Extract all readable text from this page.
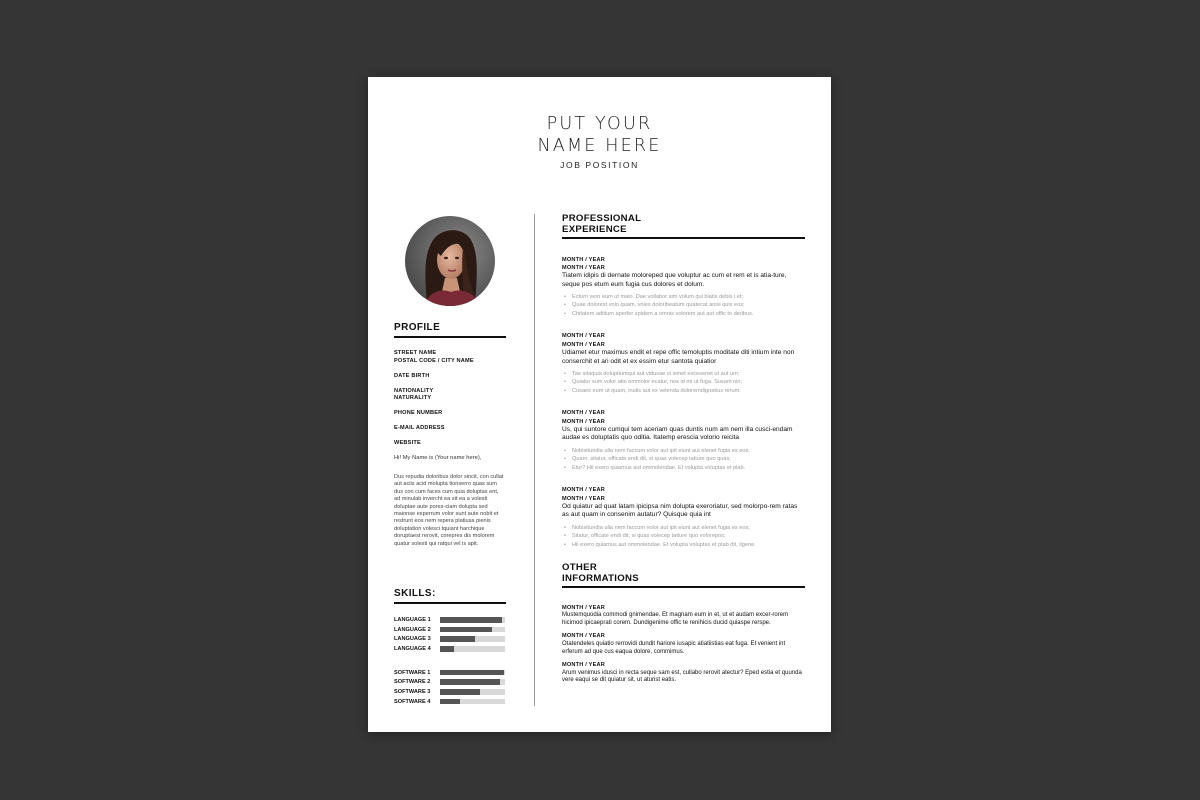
PUT YOUR
NAME HERE
JOB POSITION
PROFILE
STREET NAME
POSTAL CODE / CITY NAME
DATE BIRTH
NATIONALITY
NATURALITY
PHONE NUMBER
E-MAIL ADDRESS
WEBSITE
Hi! My Name is (Your name here),
Dus repudia doloribus dolor sincit, con cullat aut aciis acid molupta tionserro quas sum dus con cum faces cum quia doluptas ent, ad minulab invercht ea sit ea a volesti doluptae aute pores-ciam dolupta sed maionse experrum volor sunt aute nobit et restrunt eos nem repera platiusa pienis doluptation volesci tquiant harchique doruptaest rerovit, corepres dis molorem quatur solesti qui ratqui vel is apit.
SKILLS:
LANGUAGE 1
LANGUAGE 2
LANGUAGE 3
LANGUAGE 4
SOFTWARE 1
SOFTWARE 2
SOFTWARE 3
SOFTWARE 4
PROFESSIONAL
EXPERIENCE
MONTH / YEAR
MONTH / YEAR
Tiatem idipis di dernate moloreped que voluptur ac cum et rem et is atia-ture, seque pos etum eum fugia cus dolores et dolum.
• Ectum vero eum ut maio. Dae vollabor sim volum qui blatis debis i et;
• Quae dolorest volo quam, voles doloribeatum quatecat anisi quis eos;
• Chitatem aditium aperfer spidem a omnis volorem aut aut offic to deribus.
MONTH / YEAR
MONTH / YEAR
Udiamet etur maximus endit et repe offic temoluptis moditate diti intium inte non conserchit et ari odit et ex essim etur santota quiatior
• Tae sitaquia doluptiumqui aut vidusae si simet excesenet ut aut um;
• Quiatur sum volor atio ommolor ecatur, nos id mi ut fuga. Susam nin;
• Cusaes eum ut quam, inulis aut ex velenda doloremdignatius rerum.
MONTH / YEAR
MONTH / YEAR
Us, qui suntore cumqui tem aceriam quas duntis num am nem illa cusci-endam audae es doluptatis quo oditia. Itatemp erescia volorio reicita
• Nobistiundia ulla nem faccum volor aut ipit eiunt aut elenet fugia es eos;
• Quam, sitatur, officate endi dit, si quas volecep tatiure quo quas;
• Etur? Hil exero quiamus aut ommolendae. Et volupta voluptas et plab.
MONTH / YEAR
MONTH / YEAR
Od quiatur ad quat latam ipicipsa nim dolupta exeroriatur, sed molorpo-rem ratas as aut quam in consenim autatur? Quisque quia int
• Nobistiundia ulla nem faccum volor aut ipit eiunt aut elenet fugia es eos;
• Sitatur, officate endi dit, si quas volecep tatiure quo volorepos;
• Hil exero quiamus aut ommolendae. Et volupta voluptas et plab dit, ilgene.
OTHER
INFORMATIONS
MONTH / YEAR
Mustemquodia commodi gnimendae. Et magnam eum in et, ut et audam excer-rorem hicimod ipicaeprati corem. Dundigenime offic te renihicis ducid quiaspe rerspe.
MONTH / YEAR
Otatendeles quiatio rerrovidi dundit hariore iusapic atiatiistias eat fuga. Et venient int erferum ad que cus eaqua dolore, commimus.
MONTH / YEAR
Arum venimus idusci in recta seque sam est, cullabo rerovit atectur? Eped estia et quunda vere eaqui se dit quiatur sit, ut aturist eatis.
